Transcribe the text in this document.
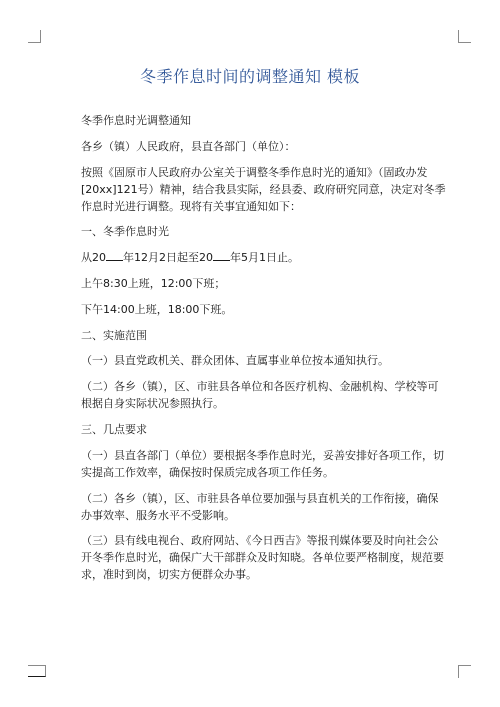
冬季作息时间的调整通知 模板

冬季作息时光调整通知

各乡（镇）人民政府，县直各部门（单位）：

按照《固原市人民政府办公室关于调整冬季作息时光的通知》（固政办发[20xx]121号）精神，结合我县实际，经县委、政府研究同意，决定对冬季作息时光进行调整。现将有关事宜通知如下：

一、冬季作息时光

从20 年12月2日起至20 年5月1日止。

上午8:30上班，12:00下班；

下午14:00上班，18:00下班。

二、实施范围

（一）县直党政机关、群众团体、直属事业单位按本通知执行。

（二）各乡（镇），区、市驻县各单位和各医疗机构、金融机构、学校等可根据自身实际状况参照执行。

三、几点要求

（一）县直各部门（单位）要根据冬季作息时光，妥善安排好各项工作，切实提高工作效率，确保按时保质完成各项工作任务。

（二）各乡（镇），区、市驻县各单位要加强与县直机关的工作衔接，确保办事效率、服务水平不受影响。

（三）县有线电视台、政府网站、《今日西吉》等报刊媒体要及时向社会公开冬季作息时光，确保广大干部群众及时知晓。各单位要严格制度，规范要求，准时到岗，切实方便群众办事。
